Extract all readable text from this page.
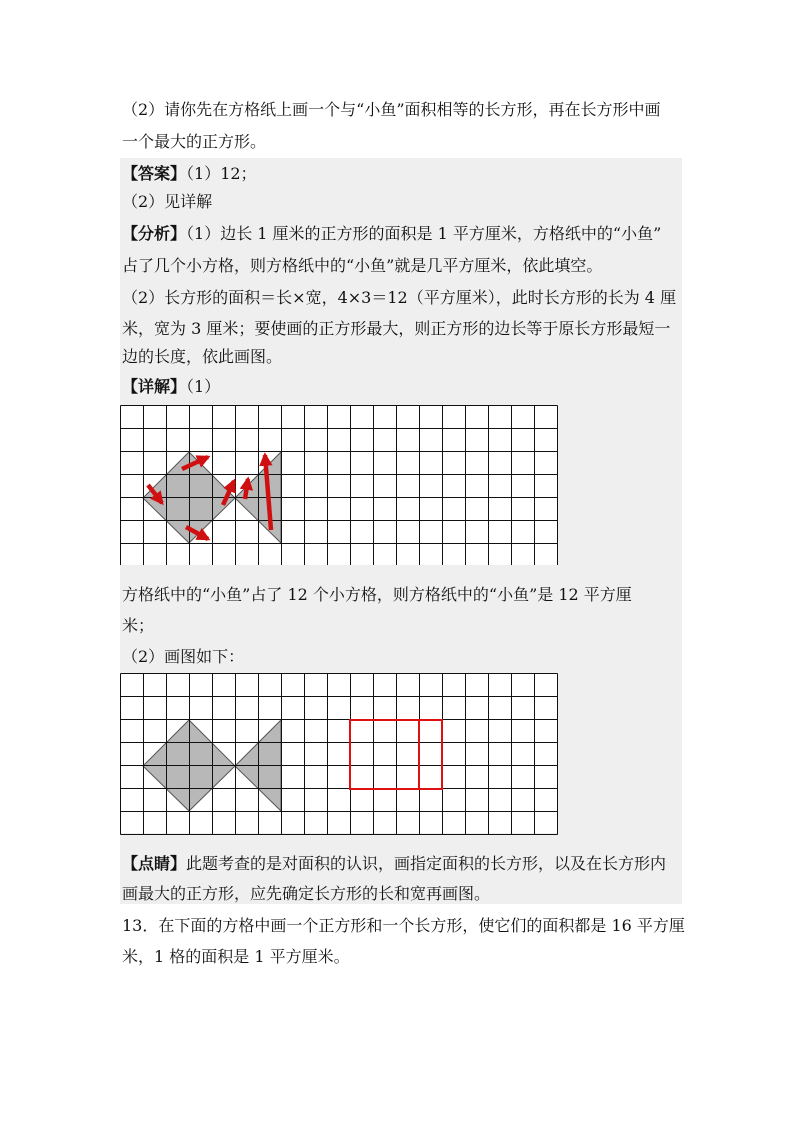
（2）请你先在方格纸上画一个与“小鱼”面积相等的长方形，再在长方形中画
一个最大的正方形。
【答案】（1）12；
（2）见详解
【分析】（1）边长 1 厘米的正方形的面积是 1 平方厘米，方格纸中的“小鱼”
占了几个小方格，则方格纸中的“小鱼”就是几平方厘米，依此填空。
（2）长方形的面积＝长×宽，4×3＝12（平方厘米），此时长方形的长为 4 厘
米，宽为 3 厘米；要使画的正方形最大，则正方形的边长等于原长方形最短一
边的长度，依此画图。
【详解】（1）
方格纸中的“小鱼”占了 12 个小方格，则方格纸中的“小鱼”是 12 平方厘
米；
（2）画图如下：
【点睛】此题考查的是对面积的认识，画指定面积的长方形，以及在长方形内
画最大的正方形，应先确定长方形的长和宽再画图。
13．在下面的方格中画一个正方形和一个长方形，使它们的面积都是 16 平方厘
米，1 格的面积是 1 平方厘米。
